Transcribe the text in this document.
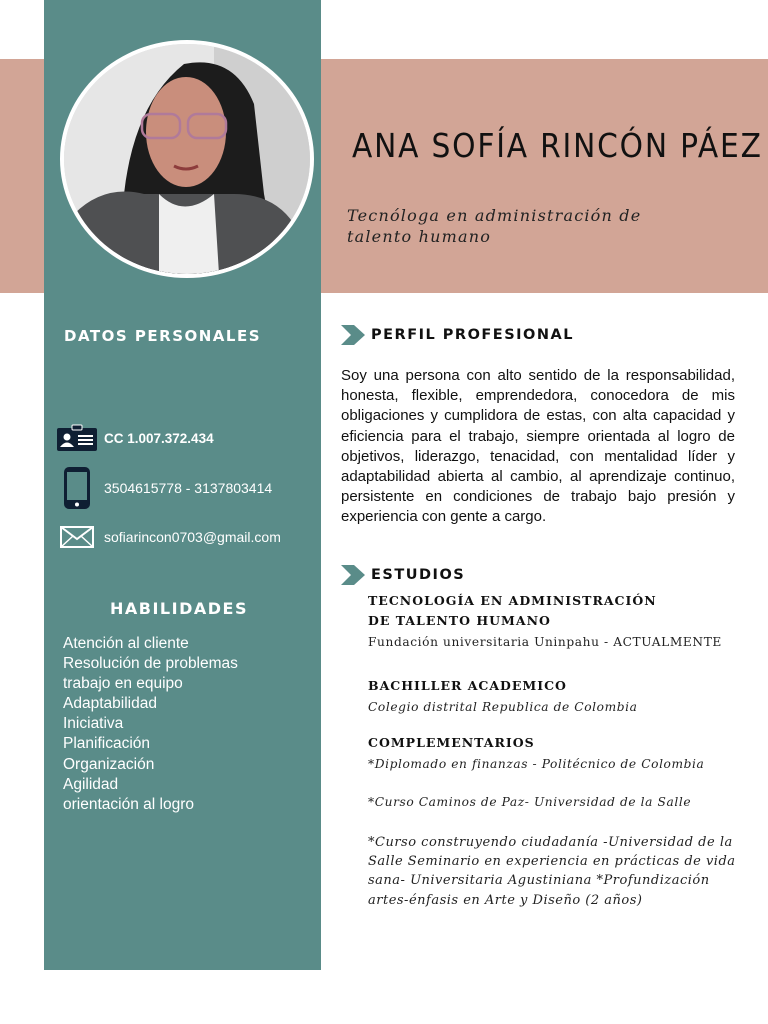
ANA SOFÍA RINCÓN PÁEZ
Tecnóloga en administración de talento humano
DATOS PERSONALES
CC 1.007.372.434
3504615778 - 3137803414
sofiarincon0703@gmail.com
HABILIDADES
Atención al cliente
Resolución de problemas
trabajo en equipo
Adaptabilidad
Iniciativa
Planificación
Organización
Agilidad
orientación al logro
PERFIL PROFESIONAL

Soy una persona con alto sentido de la responsabilidad, honesta, flexible, emprendedora, conocedora de mis obligaciones y cumplidora de estas, con alta capacidad y eficiencia para el trabajo, siempre orientada al logro de objetivos, liderazgo, tenacidad, con mentalidad líder y adaptabilidad abierta al cambio, al aprendizaje continuo, persistente en condiciones de trabajo bajo presión y experiencia con gente a cargo.

ESTUDIOS
TECNOLOGÍA EN ADMINISTRACIÓN DE TALENTO HUMANO
Fundación universitaria Uninpahu - ACTUALMENTE
BACHILLER ACADEMICO
Colegio distrital Republica de Colombia
COMPLEMENTARIOS
*Diplomado en finanzas - Politécnico de Colombia
*Curso Caminos de Paz- Universidad de la Salle

*Curso construyendo ciudadanía -Universidad de la Salle Seminario en experiencia en prácticas de vida sana- Universitaria Agustiniana *Profundización artes-énfasis en Arte y Diseño (2 años)
